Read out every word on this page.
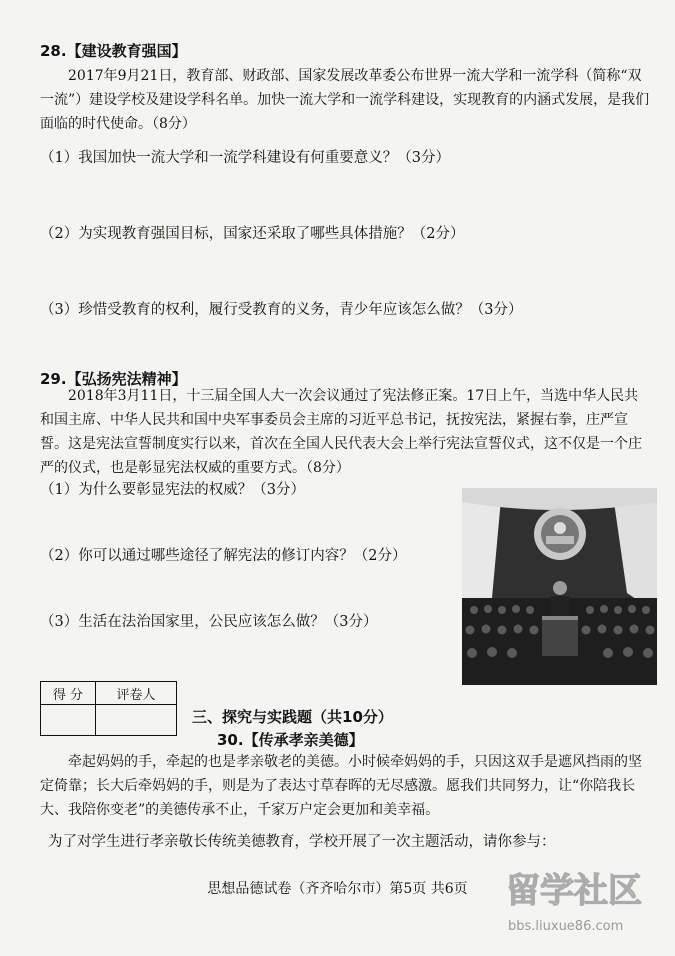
28.【建设教育强国】
2017年9月21日，教育部、财政部、国家发展改革委公布世界一流大学和一流学科（简称“双一流”）建设学校及建设学科名单。加快一流大学和一流学科建设，实现教育的内涵式发展，是我们面临的时代使命。（8分）
（1）我国加快一流大学和一流学科建设有何重要意义？（3分）
（2）为实现教育强国目标，国家还采取了哪些具体措施？（2分）
（3）珍惜受教育的权利，履行受教育的义务，青少年应该怎么做？（3分）
29.【弘扬宪法精神】
2018年3月11日，十三届全国人大一次会议通过了宪法修正案。17日上午，当选中华人民共和国主席、中华人民共和国中央军事委员会主席的习近平总书记，抚按宪法，紧握右拳，庄严宣誓。这是宪法宣誓制度实行以来，首次在全国人民代表大会上举行宪法宣誓仪式，这不仅是一个庄严的仪式，也是彰显宪法权威的重要方式。（8分）
（1）为什么要彰显宪法的权威？（3分）
（2）你可以通过哪些途径了解宪法的修订内容？（2分）
（3）生活在法治国家里，公民应该怎么做？（3分）
得 分	评卷人

三、探究与实践题（共10分）
30.【传承孝亲美德】
牵起妈妈的手，牵起的也是孝亲敬老的美德。小时候牵妈妈的手，只因这双手是遮风挡雨的坚定倚靠；长大后牵妈妈的手，则是为了表达寸草春晖的无尽感激。愿我们共同努力，让“你陪我长大、我陪你变老”的美德传承不止，千家万户定会更加和美幸福。
为了对学生进行孝亲敬长传统美德教育，学校开展了一次主题活动，请你参与：
思想品德试卷（齐齐哈尔市）第5页 共6页	留学社区
bbs.liuxue86.com
